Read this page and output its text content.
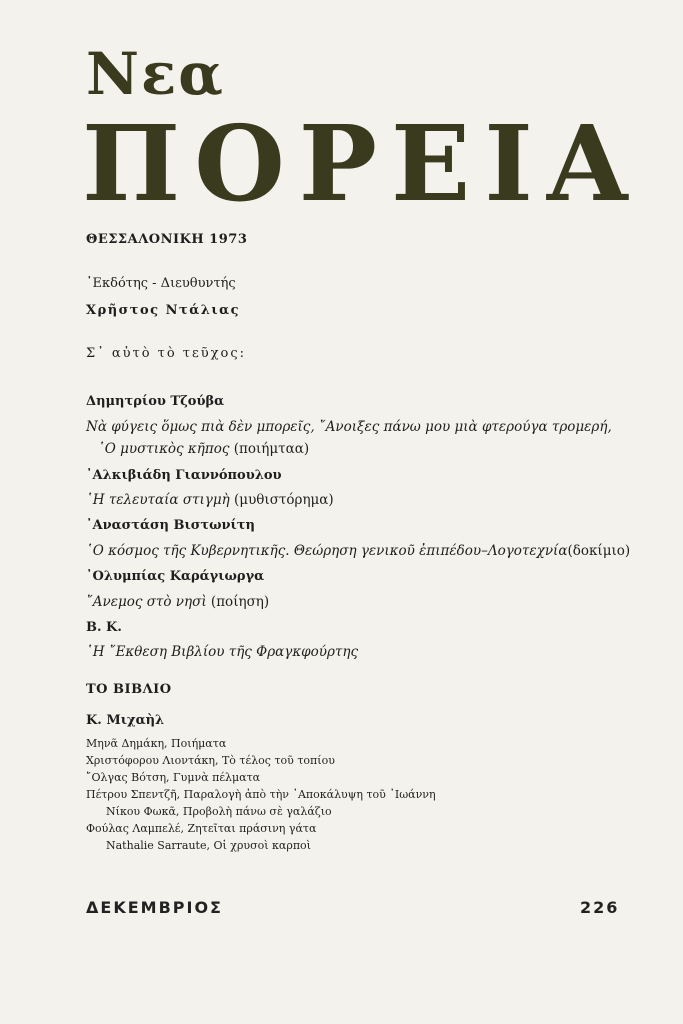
Νεα
ΠΟΡΕΙΑ
ΘΕΣΣΑΛΟΝΙΚΗ 1973
᾿Εκδότης - Διευθυντής
Χρῆστος Ντάλιας
Σ᾿ αὐτὸ τὸ τεῦχος:
Δημητρίου Τζούβα
Νὰ φύγεις ὅμως πιὰ δὲν μπορεῖς, ῎Ανοιξες πάνω μου μιὰ φτερούγα τρομερή,
῾Ο μυστικὸς κῆπος (ποιήμταα)
᾿Αλκιβιάδη Γιαννόπουλου
῾Η τελευταία στιγμὴ (μυθιστόρημα)
᾿Αναστάση Βιστωνίτη
῾Ο κόσμος τῆς Κυβερνητικῆς. Θεώρηση γενικοῦ ἐπιπέδου–Λογοτεχνία(δοκίμιο)
᾿Ολυμπίας Καράγιωργα
῎Ανεμος στὸ νησὶ (ποίηση)
Β. Κ.
῾Η ῎Εκθεση Βιβλίου τῆς Φραγκφούρτης
ΤΟ ΒΙΒΛΙΟ
Κ. Μιχαὴλ
Μηνᾶ Δημάκη, Ποιήματα
Χριστόφορου Λιοντάκη, Τὸ τέλος τοῦ τοπίου
῎Ολγας Βότση, Γυμνὰ πέλματα
Πέτρου Σπεντζῆ, Παραλογὴ ἀπὸ τὴν ᾿Αποκάλυψη τοῦ ᾿Ιωάννη
Νίκου Φωκᾶ, Προβολὴ πάνω σὲ γαλάζιο
Φούλας Λαμπελέ, Ζητεῖται πράσινη γάτα
Nathalie Sarraute, Οἱ χρυσοὶ καρποὶ
ΔΕΚΕΜΒΡΙΟΣ	226
